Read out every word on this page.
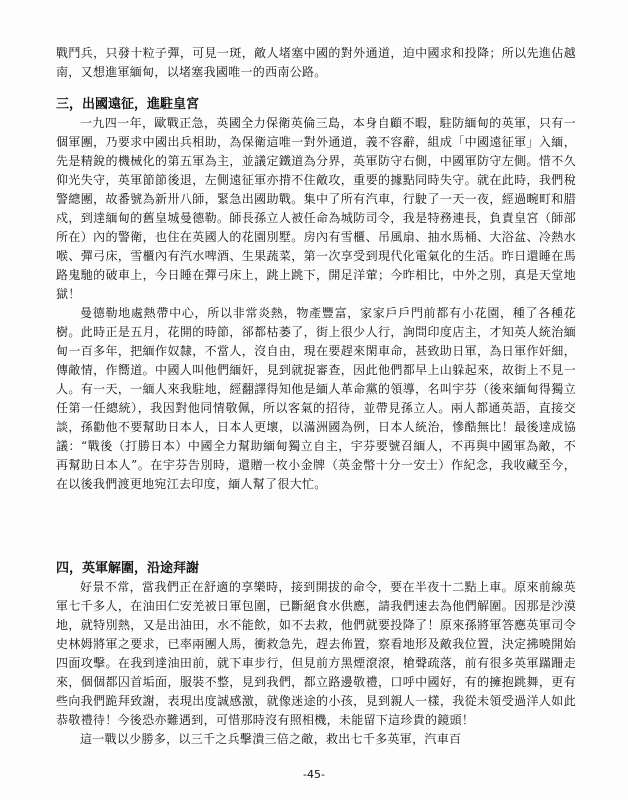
戰鬥兵，只發十粒子彈，可見一斑，敵人堵塞中國的對外通道，迫中國求和投降；所以先進佔越南，又想進軍緬甸，以堵塞我國唯一的西南公路。

三，出國遠征，進駐皇宮

一九四一年，歐戰正急，英國全力保衛英倫三島，本身自顧不暇，駐防緬甸的英軍，只有一個軍團，乃要求中國出兵相助，為保衛這唯一對外通道，義不容辭，組成「中國遠征軍」入緬，先是精銳的機械化的第五軍為主，並議定鐵道為分界，英軍防守右側，中國軍防守左側。惜不久仰光失守，英軍節節後退，左側遠征軍亦揹不住敵攻，重要的據點同時失守。就在此時，我們稅警總團，故番號為新卅八師，緊急出國助戰。集中了所有汽車，行駛了一天一夜，經過畹町和腊戍，到達緬甸的舊皇城曼德勒。師長孫立人被任命為城防司令，我是特務連長，負責皇宮（師部所在）內的警衛，也住在英國人的花園別墅。房內有雪櫃、吊風扇、抽水馬桶、大浴盆、冷熱水喉、彈弓床，雪櫃內有汽水啤酒、生果蔬菜，第一次享受到現代化電氣化的生活。昨日還睡在馬路鬼馳的破車上，今日睡在彈弓床上，跳上跳下，開足洋葷；今昨相比，中外之別，真是天堂地獄！

曼德勒地處熱帶中心，所以非常炎熱，物產豐富，家家戶戶門前都有小花園，種了各種花樹。此時正是五月，花開的時節，郤都枯萎了，街上很少人行，詢問印度店主，才知英人統治緬甸一百多年，把緬作奴隸，不當人，沒自由，現在要趕來閑車命，甚致助日軍，為日軍作奸細，傳敵情，作嚮道。中國人叫他們緬奸，見到就捉審查，因此他們都早上山躲起來，故街上不見一人。有一天，一緬人來我駐地，經翻譯得知他是緬人革命黨的領導，名叫宇芬（後來緬甸得獨立任第一任總統），我因對他同情敬佩，所以客氣的招待，並帶見孫立人。兩人都通英語，直接交談，孫勸他不要幫助日本人，日本人更壞，以滿洲國為例，日本人統治，慘酷無比！最後達成協議：“戰後（打勝日本）中國全力幫助緬甸獨立自主，宇芬要號召緬人，不再與中國軍為敵，不再幫助日本人”。在宇芬告別時，還贈一枚小金牌（英金幣十分一安士）作紀念，我收藏至今，在以後我們渡更地宛江去印度，緬人幫了很大忙。

四，英軍解圍，沿途拜謝

好景不常，當我們正在舒適的享樂時，接到開拔的命令，要在半夜十二點上車。原來前線英軍七千多人，在油田仁安羌被日軍包圍，已斷絕食水供應，請我們速去為他們解圍。因那是沙漠地，就特別熱，又是出油田，水不能飲，如不去救，他們就要投降了！原來孫將軍答應英軍司令史林姆將軍之要求，已率兩團人馬，衝救急先，趕去佈置，察看地形及敵我位置，決定拂曉開始四面攻擊。在我到達油田前，就下車步行，但見前方黑煙滾滾，槍聲疏落，前有很多英軍蹣跚走來，個個都囚首垢面，服裝不整，見到我們，都立路邊敬禮，口呼中國好，有的擁抱跳舞，更有些向我們跪拜致謝，表現出度誠感激，就像迷途的小孩，見到親人一樣，我從未領受過洋人如此恭敬禮待！今後恐亦難遇到，可惜那時沒有照相機，未能留下這珍貴的鏡頭！

這一戰以少勝多，以三千之兵擊潰三倍之敵，救出七千多英軍，汽車百

-45-
